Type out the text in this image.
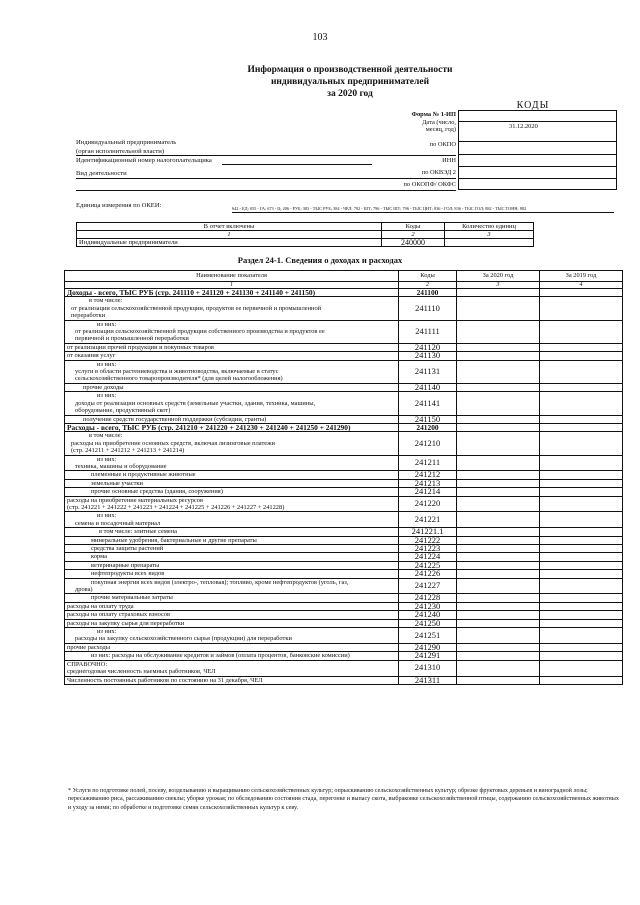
103
Информация о производственной деятельности
индивидуальных предпринимателей
за 2020 год
КОДЫ
31.12.2020
Форма № 1-ИП
Дата (число,
месяц, год)
по ОКПО
ИНН
по ОКВЭД 2
по ОКОПФ/ ОКФС
Индивидуальный предприниматель
(орган исполнительной власти)
Идентификационный номер налогоплательщика
Вид деятельности
Единица измерения по ОКЕИ:	642 - ЕД; 055 - ГА; 673 - Ц; 206 - РУБ; 383 - ТЫС РУБ; 384 - ЧЕЛ; 792 - ШТ; 796 - ТЫС ШТ; 796 - ТЫС ЦНТ; 836 - ГОЛ; 836 - ТЫС ГОЛ; 882 - ТЫС ТОНН; 882
В отчет включены	Коды	Количество единиц
1	2	3
Индивидуальные предприниматели	240000	
Раздел 24-1. Сведения о доходах и расходах
Наименование показателя	Коды	За 2020 год	За 2019 год
1	2	3	4

Доходы - всего, ТЫС РУБ (стр. 241110 + 241120 + 241130 + 241140 + 241150)	241100		

в том числе:
от реализации сельскохозяйственной продукции, продуктов ее первичной и промышленной
переработки	241110		

из них:
от реализации сельскохозяйственной продукции собственного производства и продуктов ее
первичной и промышленной переработки	241111		

от реализации прочей продукции и покупных товаров	241120		

от оказания услуг	241130		

из них:
услуги в области растениеводства и животноводства, включаемые в статус
сельскохозяйственного товаропроизводителя* (для целей налогообложения)	241131		

прочие доходы	241140		

из них:
доходы от реализации основных средств (земельные участки, здания, техника, машины,
оборудование, продуктивный скот)	241141		

получение средств государственной поддержки (субсидии, гранты)	241150		

Расходы - всего, ТЫС РУБ (стр. 241210 + 241220 + 241230 + 241240 + 241250 + 241290)	241200		

в том числе:
расходы на приобретение основных средств, включая лизинговые платежи
(стр. 241211 + 241212 + 241213 + 241214)	241210		

из них:
техника, машины и оборудование	241211		

племенные и продуктивные животные	241212		

земельные участки	241213		

прочие основные средства (здания, сооружения)	241214		

расходы на приобретение материальных ресурсов
(стр. 241221 + 241222 + 241223 + 241224 + 241225 + 241226 + 241227 + 241228)	241220		

из них:
семена и посадочный материал	241221		

в том числе: элитные семена	241221.1		

минеральные удобрения, бактериальные и другие препараты	241222		

средства защиты растений	241223		

корма	241224		

ветеринарные препараты	241225		

нефтепродукты всех видов	241226		

покупная энергия всех видов (электро-, тепловая); топливо, кроме нефтепродуктов (уголь, газ,
дрова)	241227		

прочие материальные затраты	241228		

расходы на оплату труда	241230		

расходы на оплату страховых взносов	241240		

расходы на закупку сырья для переработки	241250		

из них:
расходы на закупку сельскохозяйственного сырья (продукции) для переработки	241251		

прочие расходы	241290		

из них: расходы на обслуживание кредитов и займов (оплата процентов, банковские комиссии)	241291		

СПРАВОЧНО:
среднегодовая численность наемных работников, ЧЕЛ	241310		

Численность постоянных работников по состоянию на 31 декабря, ЧЕЛ	241311		
* Услуги по подготовке полей, посеву, возделыванию и выращиванию сельскохозяйственных культур; опрыскиванию сельскохозяйственных культур; обрезке фруктовых деревьев и виноградной лозы; пересаживанию риса, рассаживанию свеклы; уборке урожая; по обследованию состояния стада, перегонке и выпасу скота, выбраковке сельскохозяйственной птицы, содержанию сельскохозяйственных животных и уходу за ними; по обработке и подготовке семян сельскохозяйственных культур к севу.
